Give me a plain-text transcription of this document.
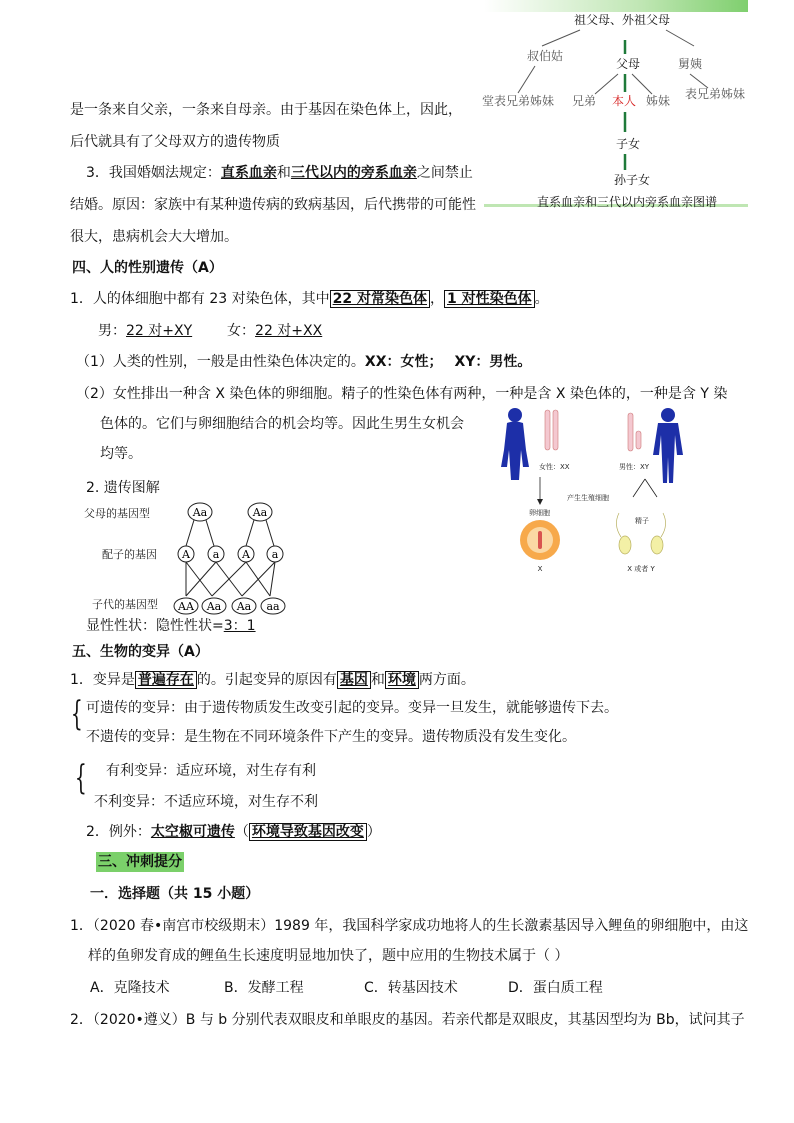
是一条来自父亲，一条来自母亲。由于基因在染色体上，因此，
后代就具有了父母双方的遗传物质
3．我国婚姻法规定：直系血亲和三代以内的旁系血亲之间禁止
结婚。原因：家族中有某种遗传病的致病基因，后代携带的可能性
很大，患病机会大大增加。
祖父母、外祖父母
叔伯姑
父母	舅姨
堂表兄弟姊妹 兄弟 本人 姊妹 表兄弟姊妹
子女
孙子女
直系血亲和三代以内旁系血亲图谱
四、人的性别遗传（A）
1．人的体细胞中都有 23 对染色体，其中 22 对常染色体 ， 1 对性染色体 。
男：22 对+XY 女：22 对+XX
（1）人类的性别，一般是由性染色体决定的。XX：女性； XY：男性。
（2）女性排出一种含 X 染色体的卵细胞。精子的性染色体有两种，一种是含 X 染色体的，一种是含 Y 染
色体的。它们与卵细胞结合的机会均等。因此生男生女机会
均等。
2. 遗传图解
父母的基因型
配子的基因
子代的基因型
Aa	Aa
A a A a
AA Aa Aa aa
显性性状：隐性性状=3：1
女性：XX	男性：XY
产生生殖细胞
卵细胞
精子
X	X 或者 Y
五、生物的变异（A）
1．变异是 普遍存在 的。引起变异的原因有 基因 和 环境 两方面。
{ 可遗传的变异：由于遗传物质发生改变引起的变异。变异一旦发生，就能够遗传下去。
不遗传的变异：是生物在不同环境条件下产生的变异。遗传物质没有发生变化。
{ 有利变异：适应环境，对生存有利
不利变异：不适应环境，对生存不利
2．例外：太空椒可遗传（ 环境导致基因改变 ）
三、冲刺提分
一．选择题（共 15 小题）
1．（2020 春•南宫市校级期末）1989 年，我国科学家成功地将人的生长激素基因导入鲤鱼的卵细胞中，由这
样的鱼卵发育成的鲤鱼生长速度明显地加快了，题中应用的生物技术属于（ ）
A．克隆技术	B．发酵工程	C．转基因技术	D．蛋白质工程
2．（2020•遵义）B 与 b 分别代表双眼皮和单眼皮的基因。若亲代都是双眼皮，其基因型均为 Bb，试问其子
